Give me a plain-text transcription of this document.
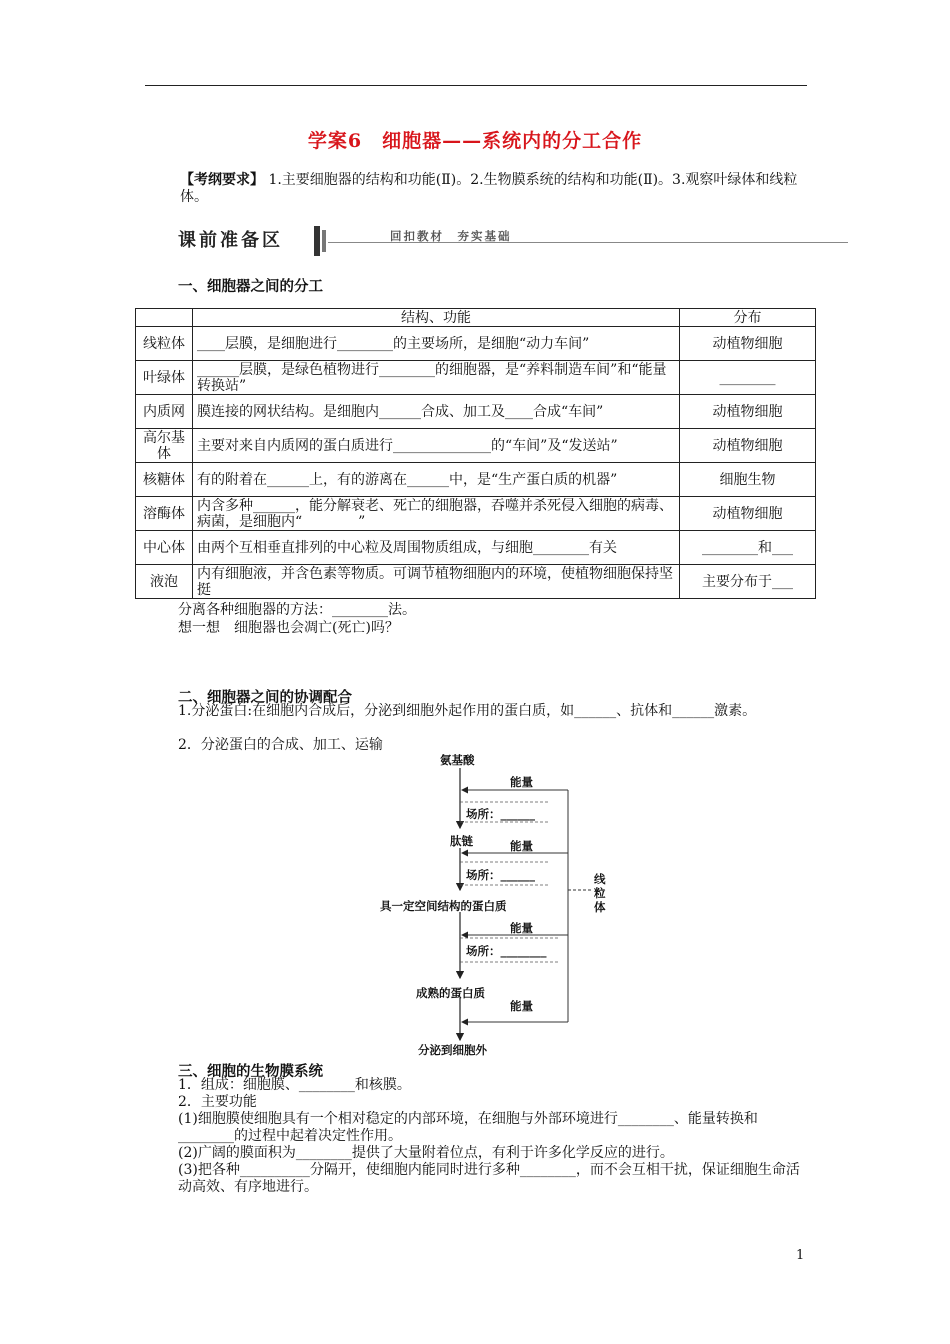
学案6　细胞器——系统内的分工合作
【考纲要求】 1.主要细胞器的结构和功能(Ⅱ)。2.生物膜系统的结构和功能(Ⅱ)。3.观察叶绿体和线粒体。
课前准备区	回扣教材　夯实基础
一、细胞器之间的分工
	结构、功能	分布
线粒体	____层膜，是细胞进行________的主要场所，是细胞“动力车间”	动植物细胞
叶绿体	______层膜，是绿色植物进行________的细胞器，是“养料制造车间”和“能量转换站”	________
内质网	膜连接的网状结构。是细胞内______合成、加工及____合成“车间”	动植物细胞
高尔基体	主要对来自内质网的蛋白质进行______________的“车间”及“发送站”	动植物细胞
核糖体	有的附着在______上，有的游离在______中，是“生产蛋白质的机器”	细胞生物
溶酶体	内含多种______，能分解衰老、死亡的细胞器，吞噬并杀死侵入细胞的病毒、病菌，是细胞内“　　　　”	动植物细胞
中心体	由两个互相垂直排列的中心粒及周围物质组成，与细胞________有关	________和___
液泡	内有细胞液，并含色素等物质。可调节植物细胞内的环境，使植物细胞保持坚挺	主要分布于___
分离各种细胞器的方法：________法。
想一想　细胞器也会凋亡(死亡)吗？
二、细胞器之间的协调配合
1.分泌蛋白:在细胞内合成后，分泌到细胞外起作用的蛋白质，如______、抗体和______激素。
2．分泌蛋白的合成、加工、运输
氨基酸
能量
场所：______
肽链	能量
场所：______
具一定空间结构的蛋白质
能量
场所：________
成熟的蛋白质
能量
分泌到细胞外
线粒体
三、细胞的生物膜系统
1．组成：细胞膜、________和核膜。
2．主要功能
(1)细胞膜使细胞具有一个相对稳定的内部环境，在细胞与外部环境进行________、能量转换和________的过程中起着决定性作用。
(2)广阔的膜面积为________提供了大量附着位点，有利于许多化学反应的进行。
(3)把各种__________分隔开，使细胞内能同时进行多种________，而不会互相干扰，保证细胞生命活动高效、有序地进行。
1
